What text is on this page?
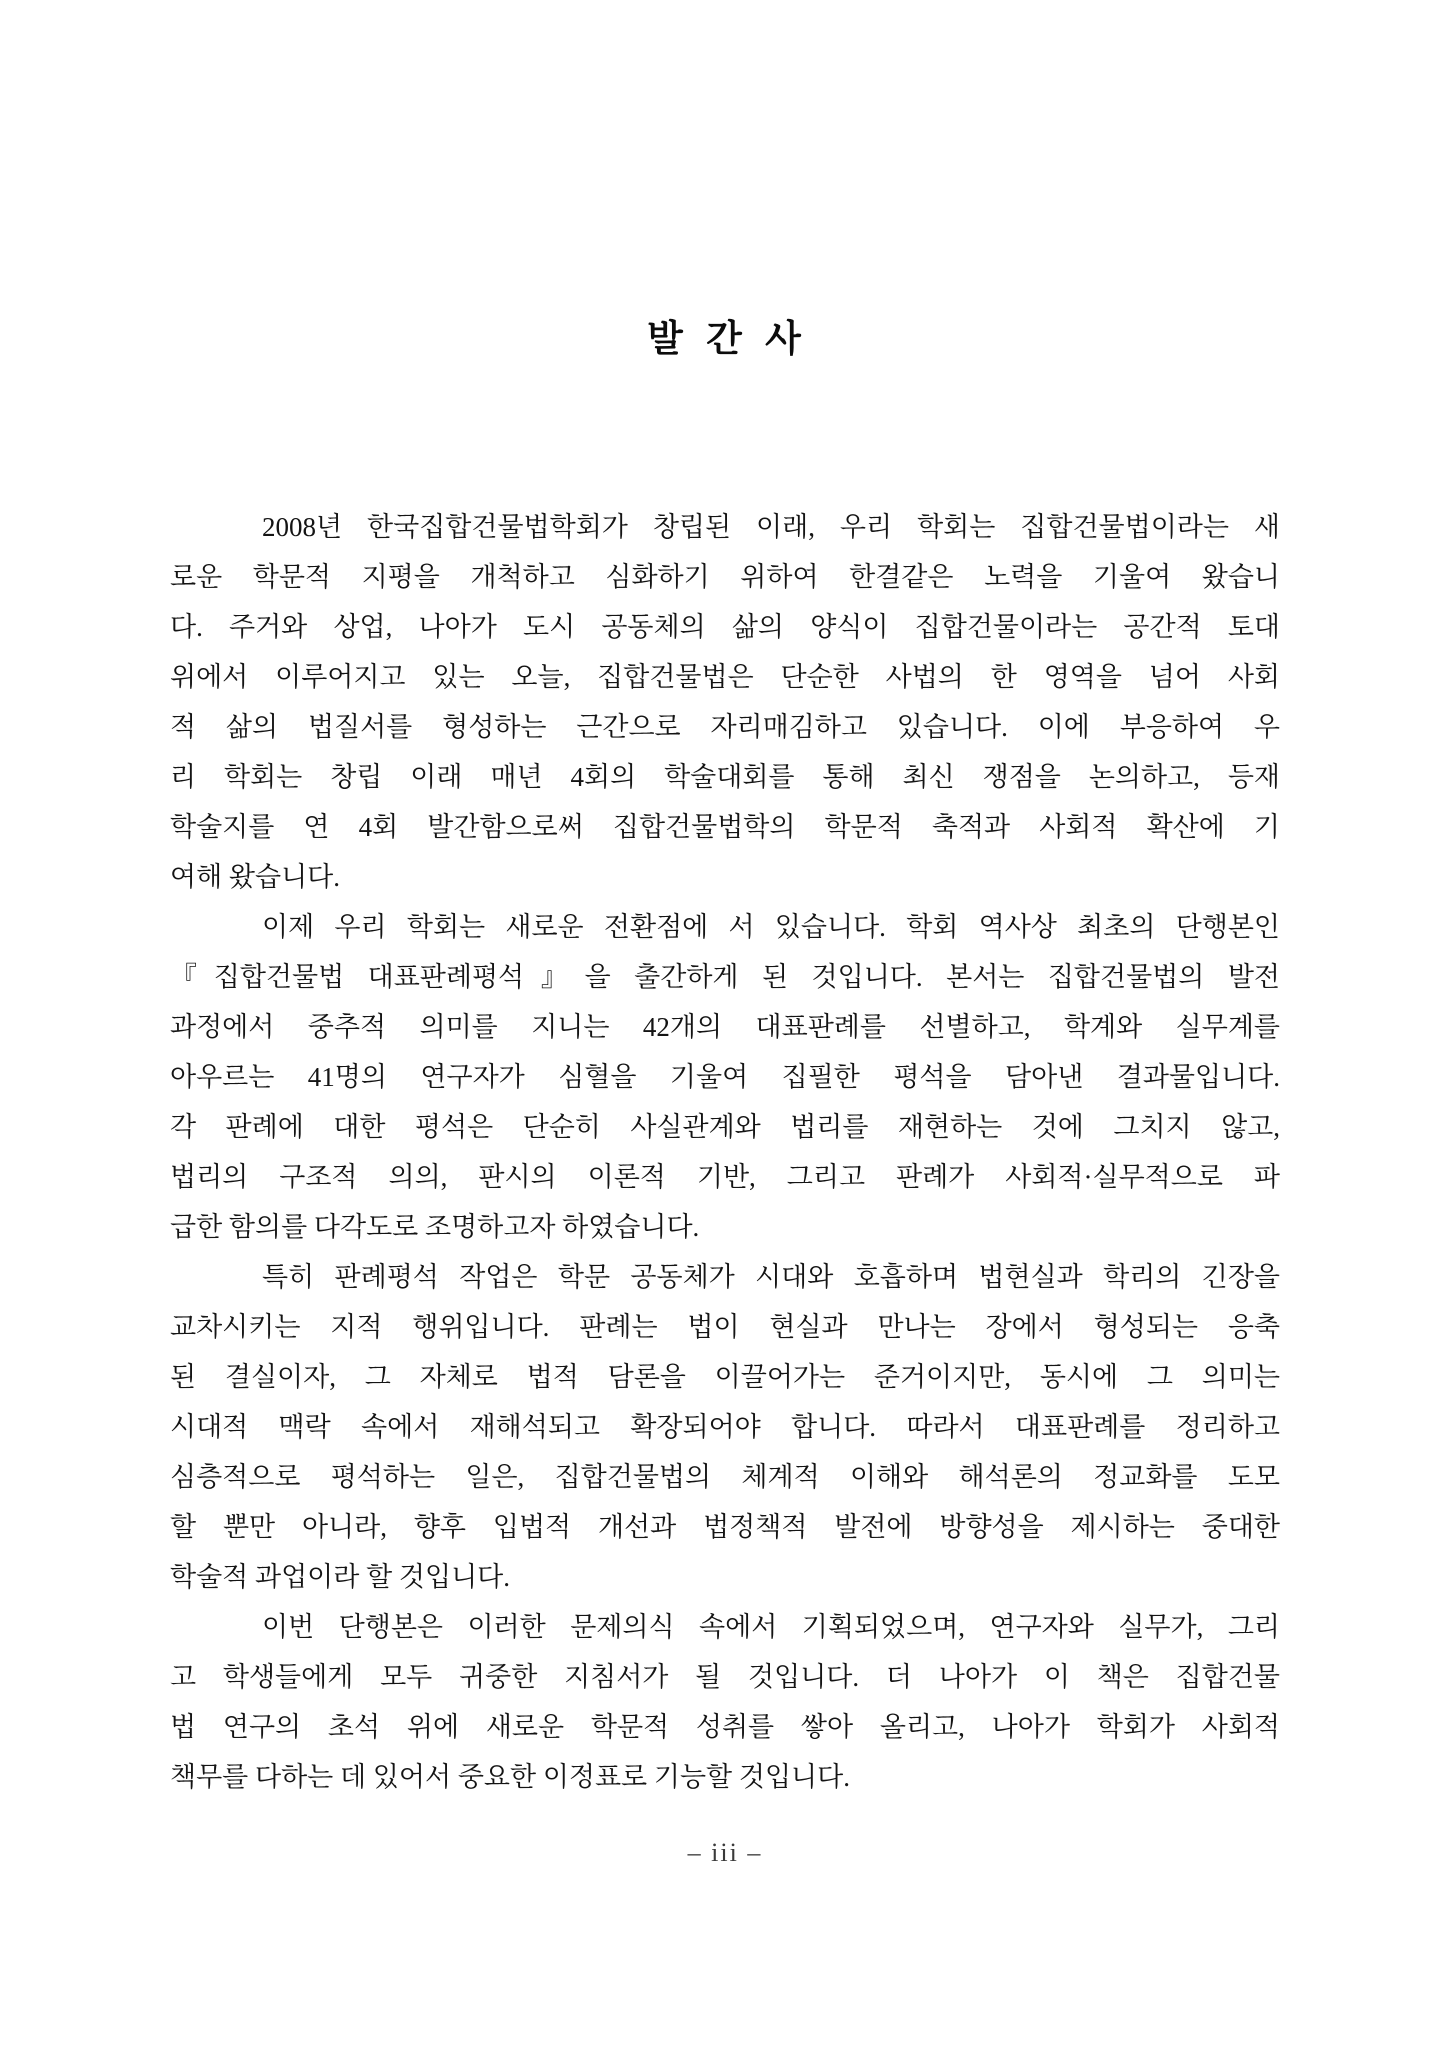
발 간 사
2008년 한국집합건물법학회가 창립된 이래, 우리 학회는 집합건물법이라는 새
로운 학문적 지평을 개척하고 심화하기 위하여 한결같은 노력을 기울여 왔습니
다. 주거와 상업, 나아가 도시 공동체의 삶의 양식이 집합건물이라는 공간적 토대
위에서 이루어지고 있는 오늘, 집합건물법은 단순한 사법의 한 영역을 넘어 사회
적 삶의 법질서를 형성하는 근간으로 자리매김하고 있습니다. 이에 부응하여 우
리 학회는 창립 이래 매년 4회의 학술대회를 통해 최신 쟁점을 논의하고, 등재
학술지를 연 4회 발간함으로써 집합건물법학의 학문적 축적과 사회적 확산에 기
여해 왔습니다.
이제 우리 학회는 새로운 전환점에 서 있습니다. 학회 역사상 최초의 단행본인
『집합건물법 대표판례평석』을 출간하게 된 것입니다. 본서는 집합건물법의 발전
과정에서 중추적 의미를 지니는 42개의 대표판례를 선별하고, 학계와 실무계를
아우르는 41명의 연구자가 심혈을 기울여 집필한 평석을 담아낸 결과물입니다.
각 판례에 대한 평석은 단순히 사실관계와 법리를 재현하는 것에 그치지 않고,
법리의 구조적 의의, 판시의 이론적 기반, 그리고 판례가 사회적·실무적으로 파
급한 함의를 다각도로 조명하고자 하였습니다.
특히 판례평석 작업은 학문 공동체가 시대와 호흡하며 법현실과 학리의 긴장을
교차시키는 지적 행위입니다. 판례는 법이 현실과 만나는 장에서 형성되는 응축
된 결실이자, 그 자체로 법적 담론을 이끌어가는 준거이지만, 동시에 그 의미는
시대적 맥락 속에서 재해석되고 확장되어야 합니다. 따라서 대표판례를 정리하고
심층적으로 평석하는 일은, 집합건물법의 체계적 이해와 해석론의 정교화를 도모
할 뿐만 아니라, 향후 입법적 개선과 법정책적 발전에 방향성을 제시하는 중대한
학술적 과업이라 할 것입니다.
이번 단행본은 이러한 문제의식 속에서 기획되었으며, 연구자와 실무가, 그리
고 학생들에게 모두 귀중한 지침서가 될 것입니다. 더 나아가 이 책은 집합건물
법 연구의 초석 위에 새로운 학문적 성취를 쌓아 올리고, 나아가 학회가 사회적
책무를 다하는 데 있어서 중요한 이정표로 기능할 것입니다.
– iii –
